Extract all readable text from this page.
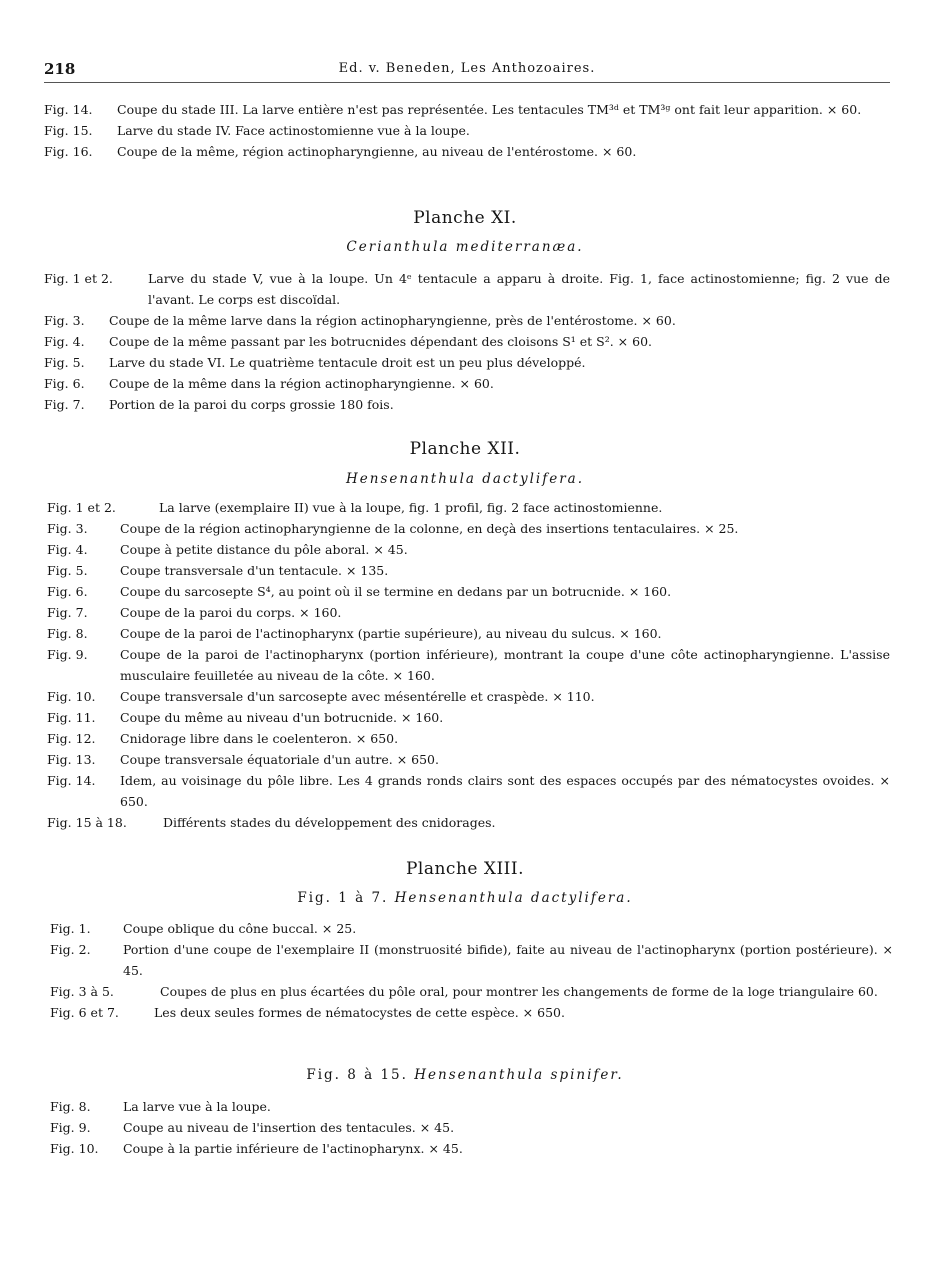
218	Ed. v. Beneden, Les Anthozoaires.
Fig. 14. Coupe du stade III. La larve entière n'est pas représentée. Les tentacules TM³ᵈ et TM³ᵍ ont fait leur apparition. ⨯ 60.
Fig. 15. Larve du stade IV. Face actinostomienne vue à la loupe.
Fig. 16. Coupe de la même, région actinopharyngienne, au niveau de l'entérostome. ⨯ 60.
Planche XI.
Cerianthula mediterranæa.
Fig. 1 et 2.	Larve du stade V, vue à la loupe. Un 4ᵉ tentacule a apparu à droite. Fig. 1, face actinostomienne; fig. 2 vue de l'avant. Le corps est discoïdal.
Fig. 3. Coupe de la même larve dans la région actinopharyngienne, près de l'entérostome. ⨯ 60.
Fig. 4. Coupe de la même passant par les botrucnides dépendant des cloisons S¹ et S². ⨯ 60.
Fig. 5. Larve du stade VI. Le quatrième tentacule droit est un peu plus développé.
Fig. 6. Coupe de la même dans la région actinopharyngienne. ⨯ 60.
Fig. 7. Portion de la paroi du corps grossie 180 fois.
Planche XII.
Hensenanthula dactylifera.
Fig. 1 et 2.	La larve (exemplaire II) vue à la loupe, fig. 1 profil, fig. 2 face actinostomienne.
Fig. 3.	Coupe de la région actinopharyngienne de la colonne, en deçà des insertions tentaculaires. ⨯ 25.
Fig. 4.	Coupe à petite distance du pôle aboral. ⨯ 45.
Fig. 5.	Coupe transversale d'un tentacule. ⨯ 135.
Fig. 6.	Coupe du sarcosepte S⁴, au point où il se termine en dedans par un botrucnide. ⨯ 160.
Fig. 7.	Coupe de la paroi du corps. ⨯ 160.
Fig. 8.	Coupe de la paroi de l'actinopharynx (partie supérieure), au niveau du sulcus. ⨯ 160.
Fig. 9.	Coupe de la paroi de l'actinopharynx (portion inférieure), montrant la coupe d'une côte actinopharyngienne. L'assise musculaire feuilletée au niveau de la côte. ⨯ 160.
Fig. 10. Coupe transversale d'un sarcosepte avec mésentérelle et craspède. ⨯ 110.
Fig. 11. Coupe du même au niveau d'un botrucnide. ⨯ 160.
Fig. 12. Cnidorage libre dans le coelenteron. ⨯ 650.
Fig. 13. Coupe transversale équatoriale d'un autre. ⨯ 650.
Fig. 14. Idem, au voisinage du pôle libre. Les 4 grands ronds clairs sont des espaces occupés par des nématocystes ovoides. ⨯ 650.
Fig. 15 à 18.	Différents stades du développement des cnidorages.
Planche XIII.
Fig. 1 à 7. Hensenanthula dactylifera.
Fig. 1.	Coupe oblique du cône buccal. ⨯ 25.
Fig. 2.	Portion d'une coupe de l'exemplaire II (monstruosité bifide), faite au niveau de l'actinopharynx (portion postérieure). ⨯ 45.
Fig. 3 à 5.	Coupes de plus en plus écartées du pôle oral, pour montrer les changements de forme de la loge triangulaire 60.
Fig. 6 et 7.	Les deux seules formes de nématocystes de cette espèce. ⨯ 650.
Fig. 8 à 15. Hensenanthula spinifer.
Fig. 8.	La larve vue à la loupe.
Fig. 9.	Coupe au niveau de l'insertion des tentacules. ⨯ 45.
Fig. 10. Coupe à la partie inférieure de l'actinopharynx. ⨯ 45.
